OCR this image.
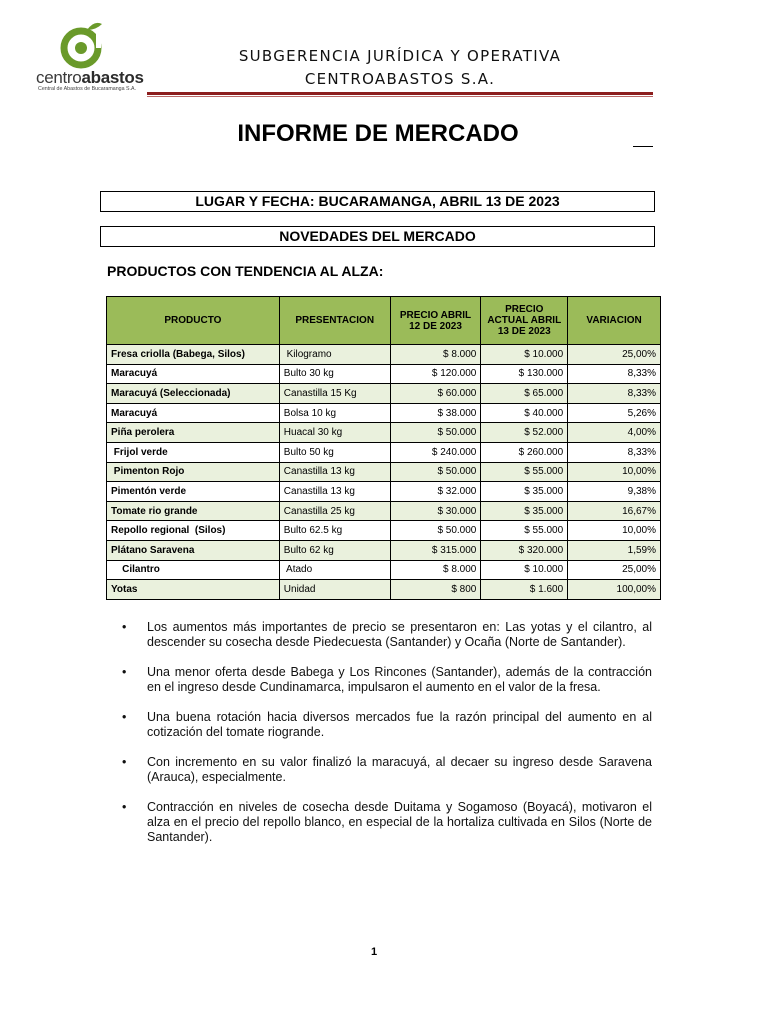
centroabastos
Central de Abastos de Bucaramanga S.A.
SUBGERENCIA JURÍDICA Y OPERATIVA
CENTROABASTOS S.A.
INFORME DE MERCADO
LUGAR Y FECHA: BUCARAMANGA, ABRIL 13 DE 2023
NOVEDADES DEL MERCADO
PRODUCTOS CON TENDENCIA AL ALZA:
PRODUCTO	PRESENTACION	PRECIO ABRIL 12 DE 2023	PRECIO ACTUAL ABRIL 13 DE 2023	VARIACION
Fresa criolla (Babega, Silos)	Kilogramo	$ 8.000	$ 10.000	25,00%
Maracuyá	Bulto 30 kg	$ 120.000	$ 130.000	8,33%
Maracuyá (Seleccionada)	Canastilla 15 Kg	$ 60.000	$ 65.000	8,33%
Maracuyá	Bolsa 10 kg	$ 38.000	$ 40.000	5,26%
Piña perolera	Huacal 30 kg	$ 50.000	$ 52.000	4,00%
Frijol verde	Bulto 50 kg	$ 240.000	$ 260.000	8,33%
Pimenton Rojo	Canastilla 13 kg	$ 50.000	$ 55.000	10,00%
Pimentón verde	Canastilla 13 kg	$ 32.000	$ 35.000	9,38%
Tomate rio grande	Canastilla 25 kg	$ 30.000	$ 35.000	16,67%
Repollo regional  (Silos)	Bulto 62.5 kg	$ 50.000	$ 55.000	10,00%
Plátano Saravena	Bulto 62 kg	$ 315.000	$ 320.000	1,59%
Cilantro	Atado	$ 8.000	$ 10.000	25,00%
Yotas	Unidad	$ 800	$ 1.600	100,00%
• Los aumentos más importantes de precio se presentaron en: Las yotas y el cilantro, al descender su cosecha desde Piedecuesta (Santander) y Ocaña (Norte de Santander).
• Una menor oferta desde Babega y Los Rincones (Santander), además de la contracción en el ingreso desde Cundinamarca, impulsaron el aumento en el valor de la fresa.
• Una buena rotación hacia diversos mercados fue la razón principal del aumento en al cotización del tomate riogrande.
• Con incremento en su valor finalizó la maracuyá, al decaer su ingreso desde Saravena (Arauca), especialmente.
• Contracción en niveles de cosecha desde Duitama y Sogamoso (Boyacá), motivaron el alza en el precio del repollo blanco, en especial de la hortaliza cultivada en Silos (Norte de Santander).
1
